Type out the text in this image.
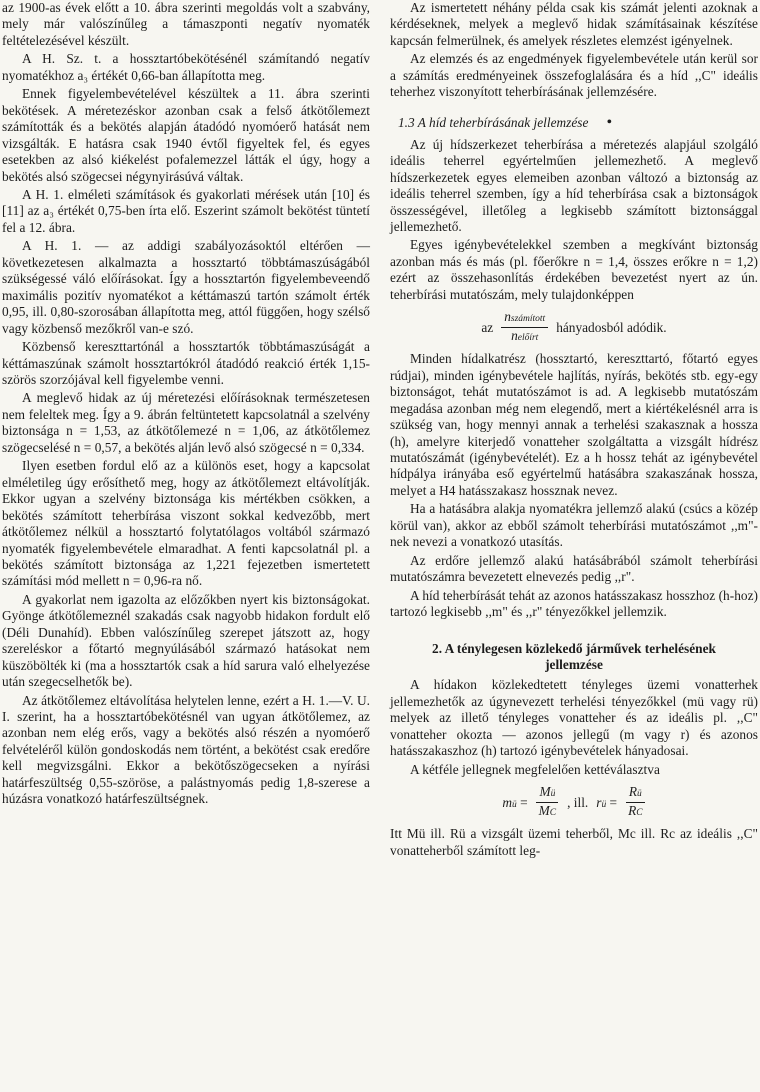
az 1900-as évek előtt a 10. ábra szerinti megoldás volt a szabvány, mely már valószínűleg a támaszponti negatív nyomaték feltételezésével készült.

A H. Sz. t. a hossztartóbekötésénél számítandó negatív nyomatékhoz a₃ értékét 0,66-ban állapította meg.

Ennek figyelembevételével készültek a 11. ábra szerinti bekötések. A méretezéskor azonban csak a felső átkötőlemezt számították és a bekötés alapján átadódó nyomóerő hatását nem vizsgálták. E hatásra csak 1940 évtől figyeltek fel, és egyes esetekben az alsó kiékelést pofalemezzel látták el úgy, hogy a bekötés alsó szögecsei négynyirásúvá váltak.

A H. 1. elméleti számítások és gyakorlati mérések után [10] és [11] az a₃ értékét 0,75-ben írta elő. Eszerint számolt bekötést tüntetí fel a 12. ábra.

A H. 1. — az addigi szabályozásoktól eltérően — következetesen alkalmazta a hossztartó többtámaszúságából szükségessé váló előírásokat. Így a hossztartón figyelembeveendő maximális pozitív nyomatékot a kéttámaszú tartón számolt érték 0,95, ill. 0,80-szorosában állapította meg, attól függően, hogy szélső vagy közbenső mezőkről van-e szó.

Közbenső kereszttartónál a hossztartók többtámaszúságát a kéttámaszúnak számolt hossztartókról átadódó reakció érték 1,15-szörös szorzójával kell figyelembe venni.

A meglevő hidak az új méretezési előírásoknak természetesen nem feleltek meg. Így a 9. ábrán feltüntetett kapcsolatnál a szelvény biztonsága n = 1,53, az átkötőlemezé n = 1,06, az átkötőlemez szögecselésé n = 0,57, a bekötés alján levő alsó szögecsé n = 0,334.

Ilyen esetben fordul elő az a különös eset, hogy a kapcsolat elméletileg úgy erősíthető meg, hogy az átkötőlemezt eltávolítják. Ekkor ugyan a szelvény biztonsága kis mértékben csökken, a bekötés számított teherbírása viszont sokkal kedvezőbb, mert átkötőlemez nélkül a hossztartó folytatólagos voltából származó nyomaték figyelembevétele elmaradhat. A fenti kapcsolatnál pl. a bekötés számított biztonsága az 1,221 fejezetben ismertetett számítási mód mellett n = 0,96-ra nő.

A gyakorlat nem igazolta az előzőkben nyert kis biztonságokat. Gyönge átkötőlemeznél szakadás csak nagyobb hidakon fordult elő (Déli Dunahíd). Ebben valószínűleg szerepet játszott az, hogy szereléskor a főtartó megnyúlásából származó hatásokat nem küszöbölték ki (ma a hossztartók csak a híd sarura való elhelyezése után szegecselhetők be).

Az átkötőlemez eltávolítása helytelen lenne, ezért a H. 1.—V. U. I. szerint, ha a hossztartóbekötésnél van ugyan átkötőlemez, az azonban nem elég erős, vagy a bekötés alsó részén a nyomóerő felvételéről külön gondoskodás nem történt, a bekötést csak eredőre kell megvizsgálni. Ekkor a bekötőszögecseken a nyírási határfeszültség 0,55-szöröse, a palástnyomás pedig 1,8-szerese a húzásra vonatkozó határfeszültségnek.

Az ismertetett néhány példa csak kis számát jelenti azoknak a kérdéseknek, melyek a meglevő hidak számításainak készítése kapcsán felmerülnek, és amelyek részletes elemzést igényelnek.

Az elemzés és az engedmények figyelembevétele után kerül sor a számítás eredményeinek összefoglalására és a híd ,,C" ideális teherhez viszonyított teherbírásának jellemzésére.

1.3 A híd teherbírásának jellemzése •

Az új hídszerkezet teherbírása a méretezés alapjául szolgáló ideális teherrel egyértelműen jellemezhető. A meglevő hídszerkezetek egyes elemeiben azonban változó a biztonság az ideális teherrel szemben, így a híd teherbírása csak a biztonságok összességével, illetőleg a legkisebb számított biztonsággal jellemezhető.

Egyes igénybevételekkel szemben a megkívánt biztonság azonban más és más (pl. főerőkre n = 1,4, összes erőkre n = 1,2) ezért az összehasonlítás érdekében bevezetést nyert az ún. teherbírási mutatószám, mely tulajdonképpen

az $\frac{\text{nszámított}}{\text{nelőírt}}$ hányadosból adódik.

Minden hídalkatrész (hossztartó, kereszttartó, főtartó egyes rúdjai), minden igénybevétele hajlítás, nyírás, bekötés stb. egy-egy biztonságot, tehát mutatószámot is ad. A legkisebb mutatószám megadása azonban még nem elegendő, mert a kiértékelésnél arra is szükség van, hogy mennyi annak a terhelési szakasznak a hossza (h), amelyre kiterjedő vonatteher szolgáltatta a vizsgált hídrész mutatószámát (igénybevételét). Ez a h hossz tehát az igénybevétel hídpálya irányába eső egyértelmű hatásábra szakaszának hossza, melyet a H4 hatásszakasz hossznak nevez.

Ha a hatásábra alakja nyomatékra jellemző alakú (csúcs a közép körül van), akkor az ebből számolt teherbírási mutatószámot ,,m"-nek nevezi a vonatkozó utasítás.

Az erdőre jellemző alakú hatásábrából számolt teherbírási mutatószámra bevezetett elnevezés pedig ,,r".

A híd teherbírását tehát az azonos hatásszakasz hosszhoz (h-hoz) tartozó legkisebb ,,m" és ,,r" tényezőkkel jellemzik.

2. A ténylegesen közlekedő járművek terhelésének
jellemzése

A hídakon közlekedtetett tényleges üzemi vonatterhek jellemezhetők az úgynevezett terhelési tényezőkkel (mü vagy rü) melyek az illető tényleges vonatteher és az ideális pl. ,,C" vonatteher okozta — azonos jellegű (m vagy r) és azonos hatásszakaszhoz (h) tartozó igénybevételek hányadosai.

A kétféle jellegnek megfelelően kettéválasztva

mü = $\frac{Mü}{MC}$ , ill. rü = $\frac{Rü}{RC}$

Itt Mü ill. Rü a vizsgált üzemi teherből, Mc ill. Rc az ideális ,,C" vonatteherből számított leg-
